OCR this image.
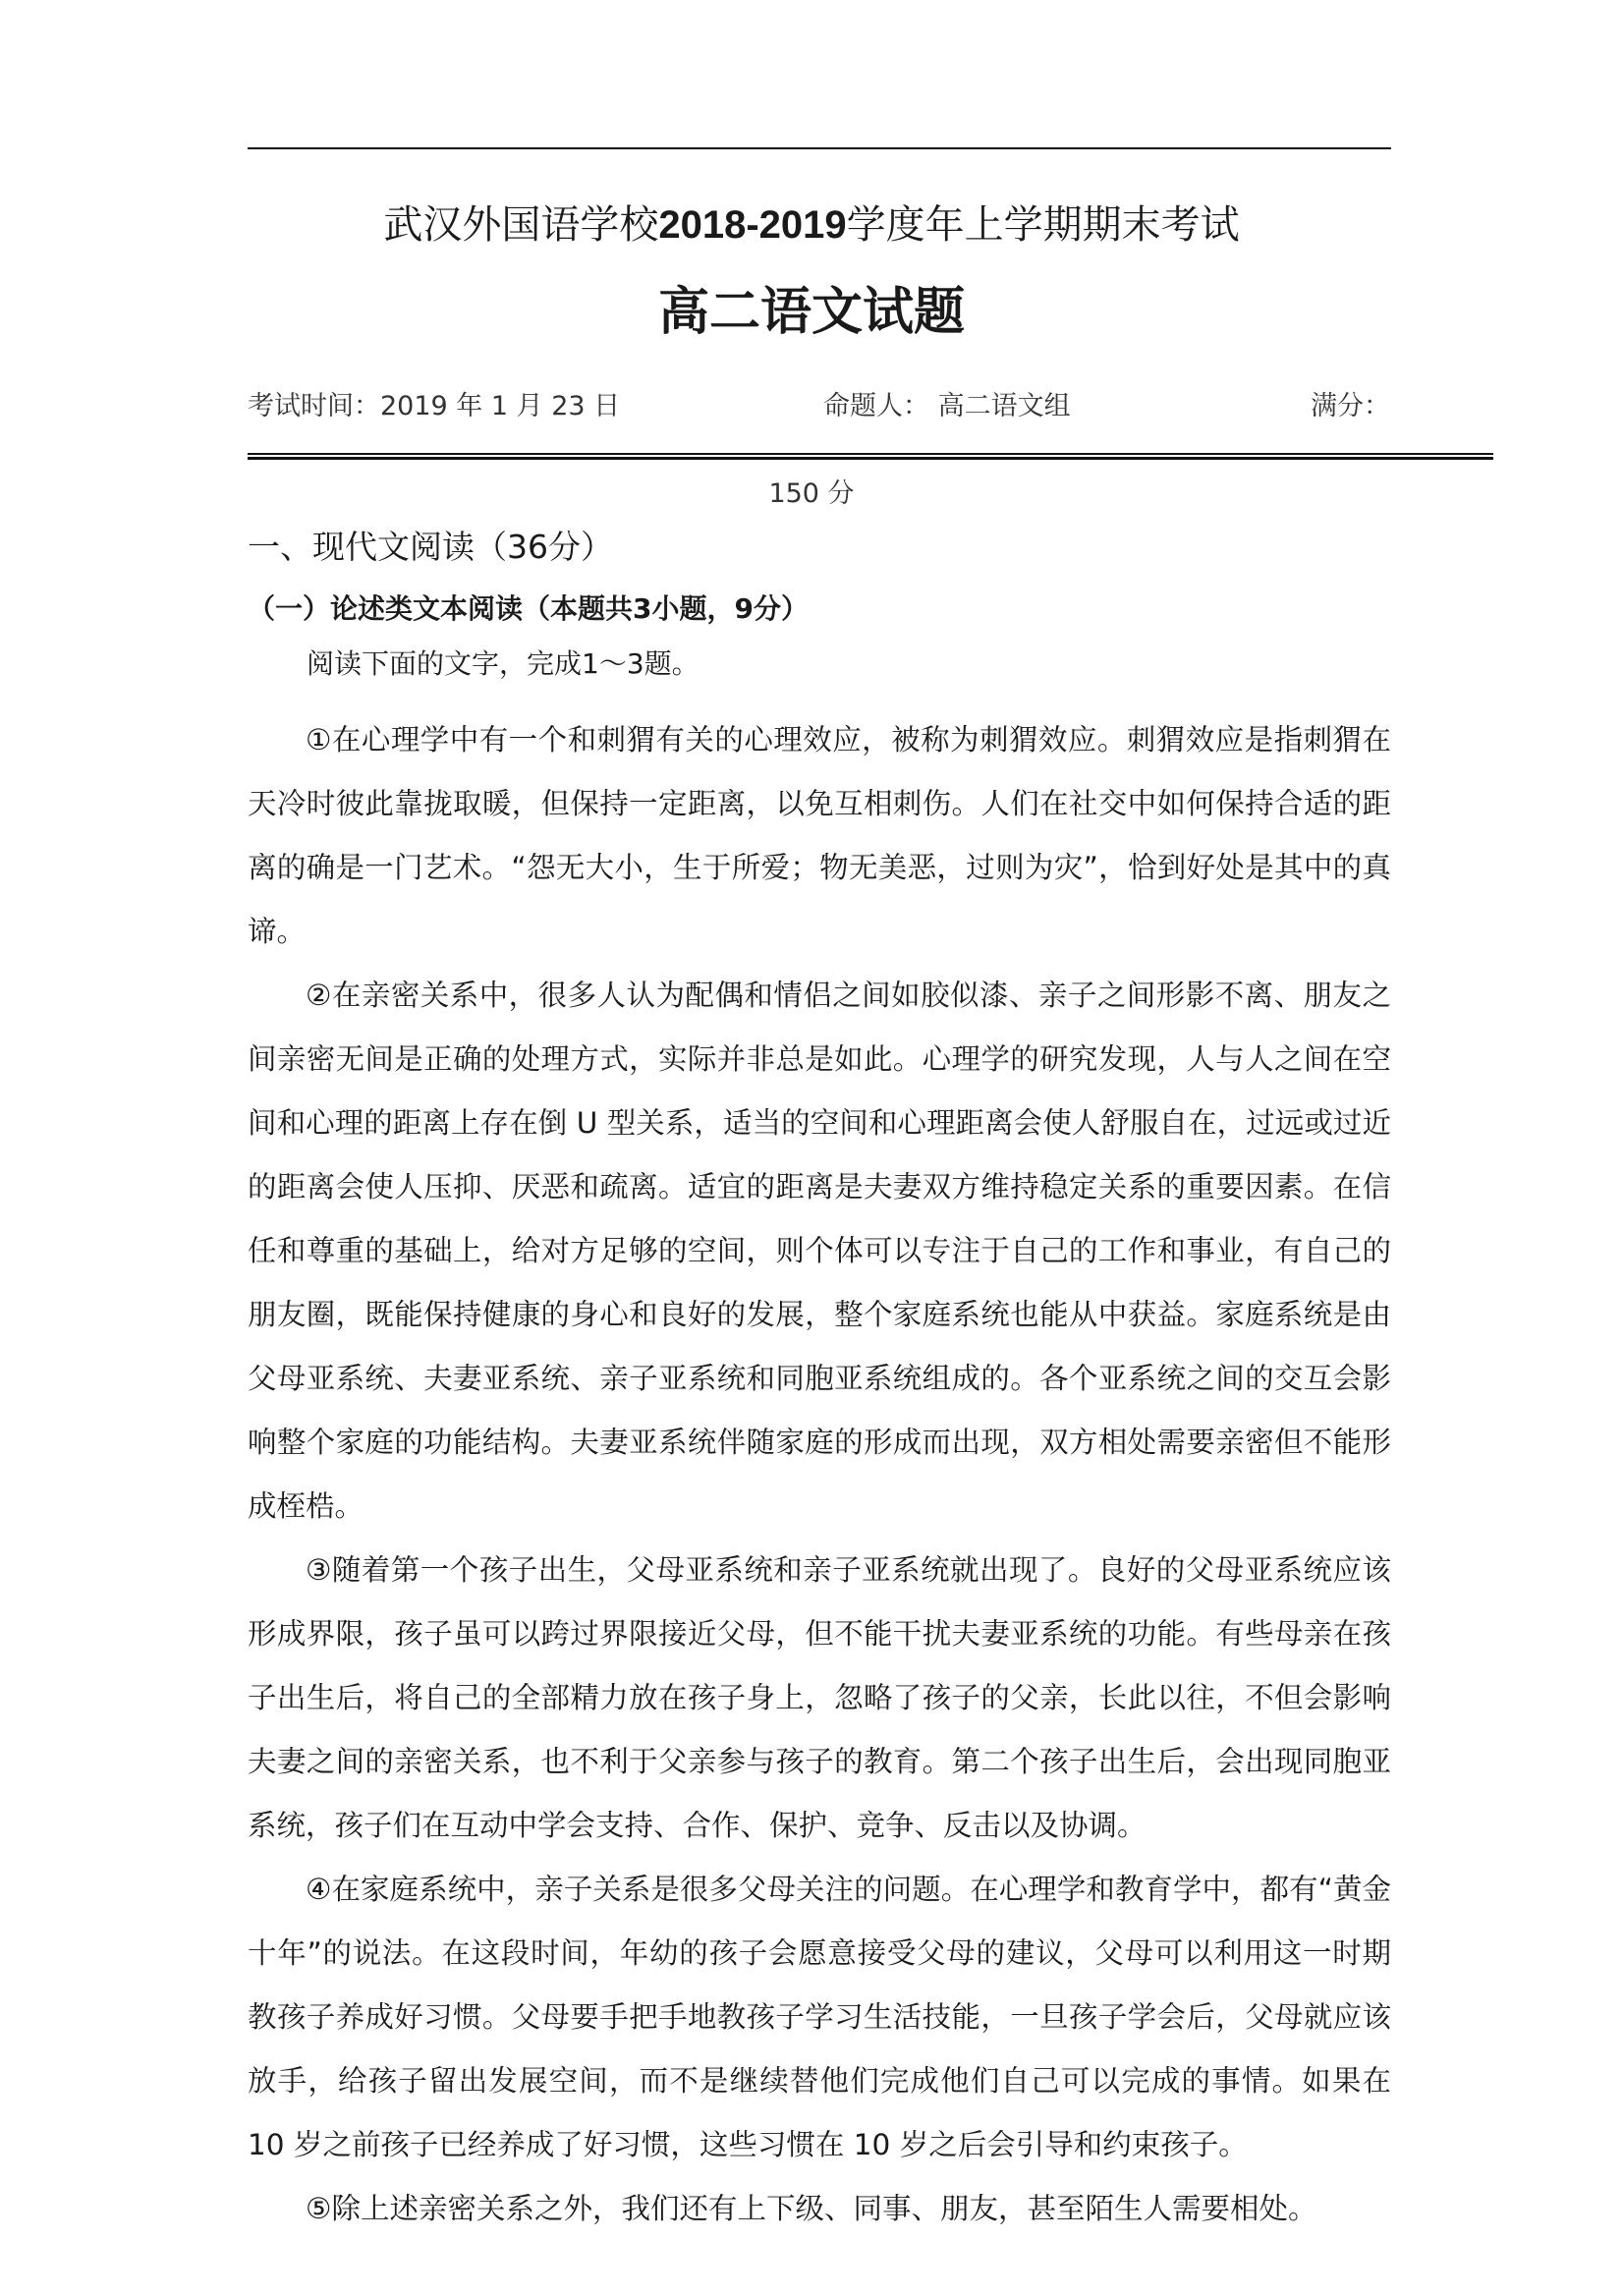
武汉外国语学校2018-2019学度年上学期期末考试
高二语文试题
考试时间：2019 年 1 月 23 日	命题人： 高二语文组	满分：
150 分
一、现代文阅读（36分）
（一）论述类文本阅读（本题共3小题，9分）
阅读下面的文字，完成1～3题。

①在心理学中有一个和刺猬有关的心理效应，被称为刺猬效应。刺猬效应是指刺猬在天冷时彼此靠拢取暖，但保持一定距离，以免互相刺伤。人们在社交中如何保持合适的距离的确是一门艺术。“怨无大小，生于所爱；物无美恶，过则为灾”，恰到好处是其中的真谛。

②在亲密关系中，很多人认为配偶和情侣之间如胶似漆、亲子之间形影不离、朋友之间亲密无间是正确的处理方式，实际并非总是如此。心理学的研究发现，人与人之间在空间和心理的距离上存在倒 U 型关系，适当的空间和心理距离会使人舒服自在，过远或过近的距离会使人压抑、厌恶和疏离。适宜的距离是夫妻双方维持稳定关系的重要因素。在信任和尊重的基础上，给对方足够的空间，则个体可以专注于自己的工作和事业，有自己的朋友圈，既能保持健康的身心和良好的发展，整个家庭系统也能从中获益。家庭系统是由父母亚系统、夫妻亚系统、亲子亚系统和同胞亚系统组成的。各个亚系统之间的交互会影响整个家庭的功能结构。夫妻亚系统伴随家庭的形成而出现，双方相处需要亲密但不能形成桎梏。

③随着第一个孩子出生，父母亚系统和亲子亚系统就出现了。良好的父母亚系统应该形成界限，孩子虽可以跨过界限接近父母，但不能干扰夫妻亚系统的功能。有些母亲在孩子出生后，将自己的全部精力放在孩子身上，忽略了孩子的父亲，长此以往，不但会影响夫妻之间的亲密关系，也不利于父亲参与孩子的教育。第二个孩子出生后，会出现同胞亚系统，孩子们在互动中学会支持、合作、保护、竞争、反击以及协调。

④在家庭系统中，亲子关系是很多父母关注的问题。在心理学和教育学中，都有“黄金十年”的说法。在这段时间，年幼的孩子会愿意接受父母的建议，父母可以利用这一时期教孩子养成好习惯。父母要手把手地教孩子学习生活技能，一旦孩子学会后，父母就应该放手，给孩子留出发展空间，而不是继续替他们完成他们自己可以完成的事情。如果在 10 岁之前孩子已经养成了好习惯，这些习惯在 10 岁之后会引导和约束孩子。

⑤除上述亲密关系之外，我们还有上下级、同事、朋友，甚至陌生人需要相处。
